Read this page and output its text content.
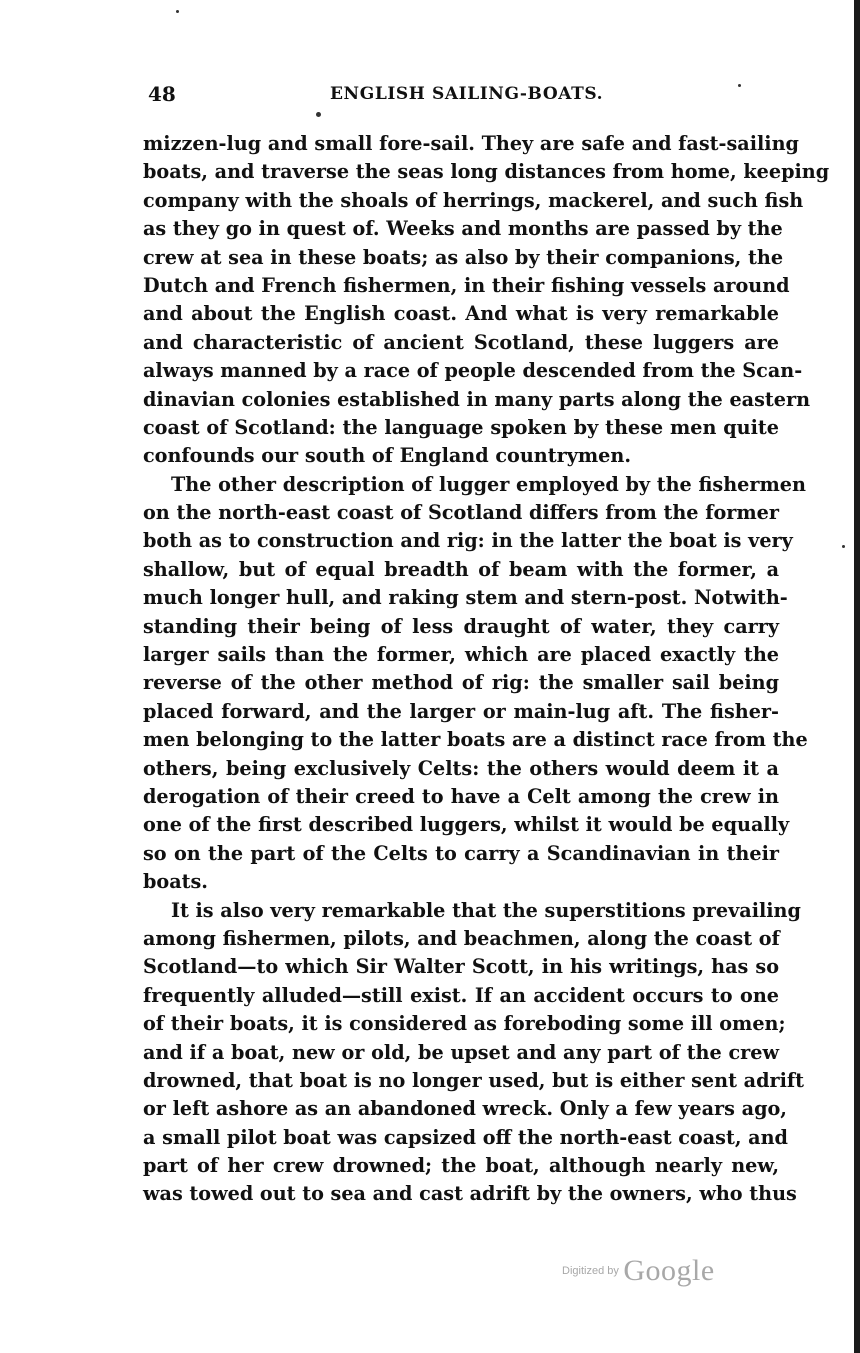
48	ENGLISH SAILING-BOATS.
mizzen-lug and small fore-sail. They are safe and fast-sailing
boats, and traverse the seas long distances from home, keeping
company with the shoals of herrings, mackerel, and such fish
as they go in quest of. Weeks and months are passed by the
crew at sea in these boats; as also by their companions, the
Dutch and French fishermen, in their fishing vessels around
and about the English coast. And what is very remarkable
and characteristic of ancient Scotland, these luggers are
always manned by a race of people descended from the Scan-
dinavian colonies established in many parts along the eastern
coast of Scotland: the language spoken by these men quite
confounds our south of England countrymen.
The other description of lugger employed by the fishermen
on the north-east coast of Scotland differs from the former
both as to construction and rig: in the latter the boat is very
shallow, but of equal breadth of beam with the former, a
much longer hull, and raking stem and stern-post. Notwith-
standing their being of less draught of water, they carry
larger sails than the former, which are placed exactly the
reverse of the other method of rig: the smaller sail being
placed forward, and the larger or main-lug aft. The fisher-
men belonging to the latter boats are a distinct race from the
others, being exclusively Celts: the others would deem it a
derogation of their creed to have a Celt among the crew in
one of the first described luggers, whilst it would be equally
so on the part of the Celts to carry a Scandinavian in their
boats.
It is also very remarkable that the superstitions prevailing
among fishermen, pilots, and beachmen, along the coast of
Scotland—to which Sir Walter Scott, in his writings, has so
frequently alluded—still exist. If an accident occurs to one
of their boats, it is considered as foreboding some ill omen;
and if a boat, new or old, be upset and any part of the crew
drowned, that boat is no longer used, but is either sent adrift
or left ashore as an abandoned wreck. Only a few years ago,
a small pilot boat was capsized off the north-east coast, and
part of her crew drowned; the boat, although nearly new,
was towed out to sea and cast adrift by the owners, who thus
Digitized by Google
